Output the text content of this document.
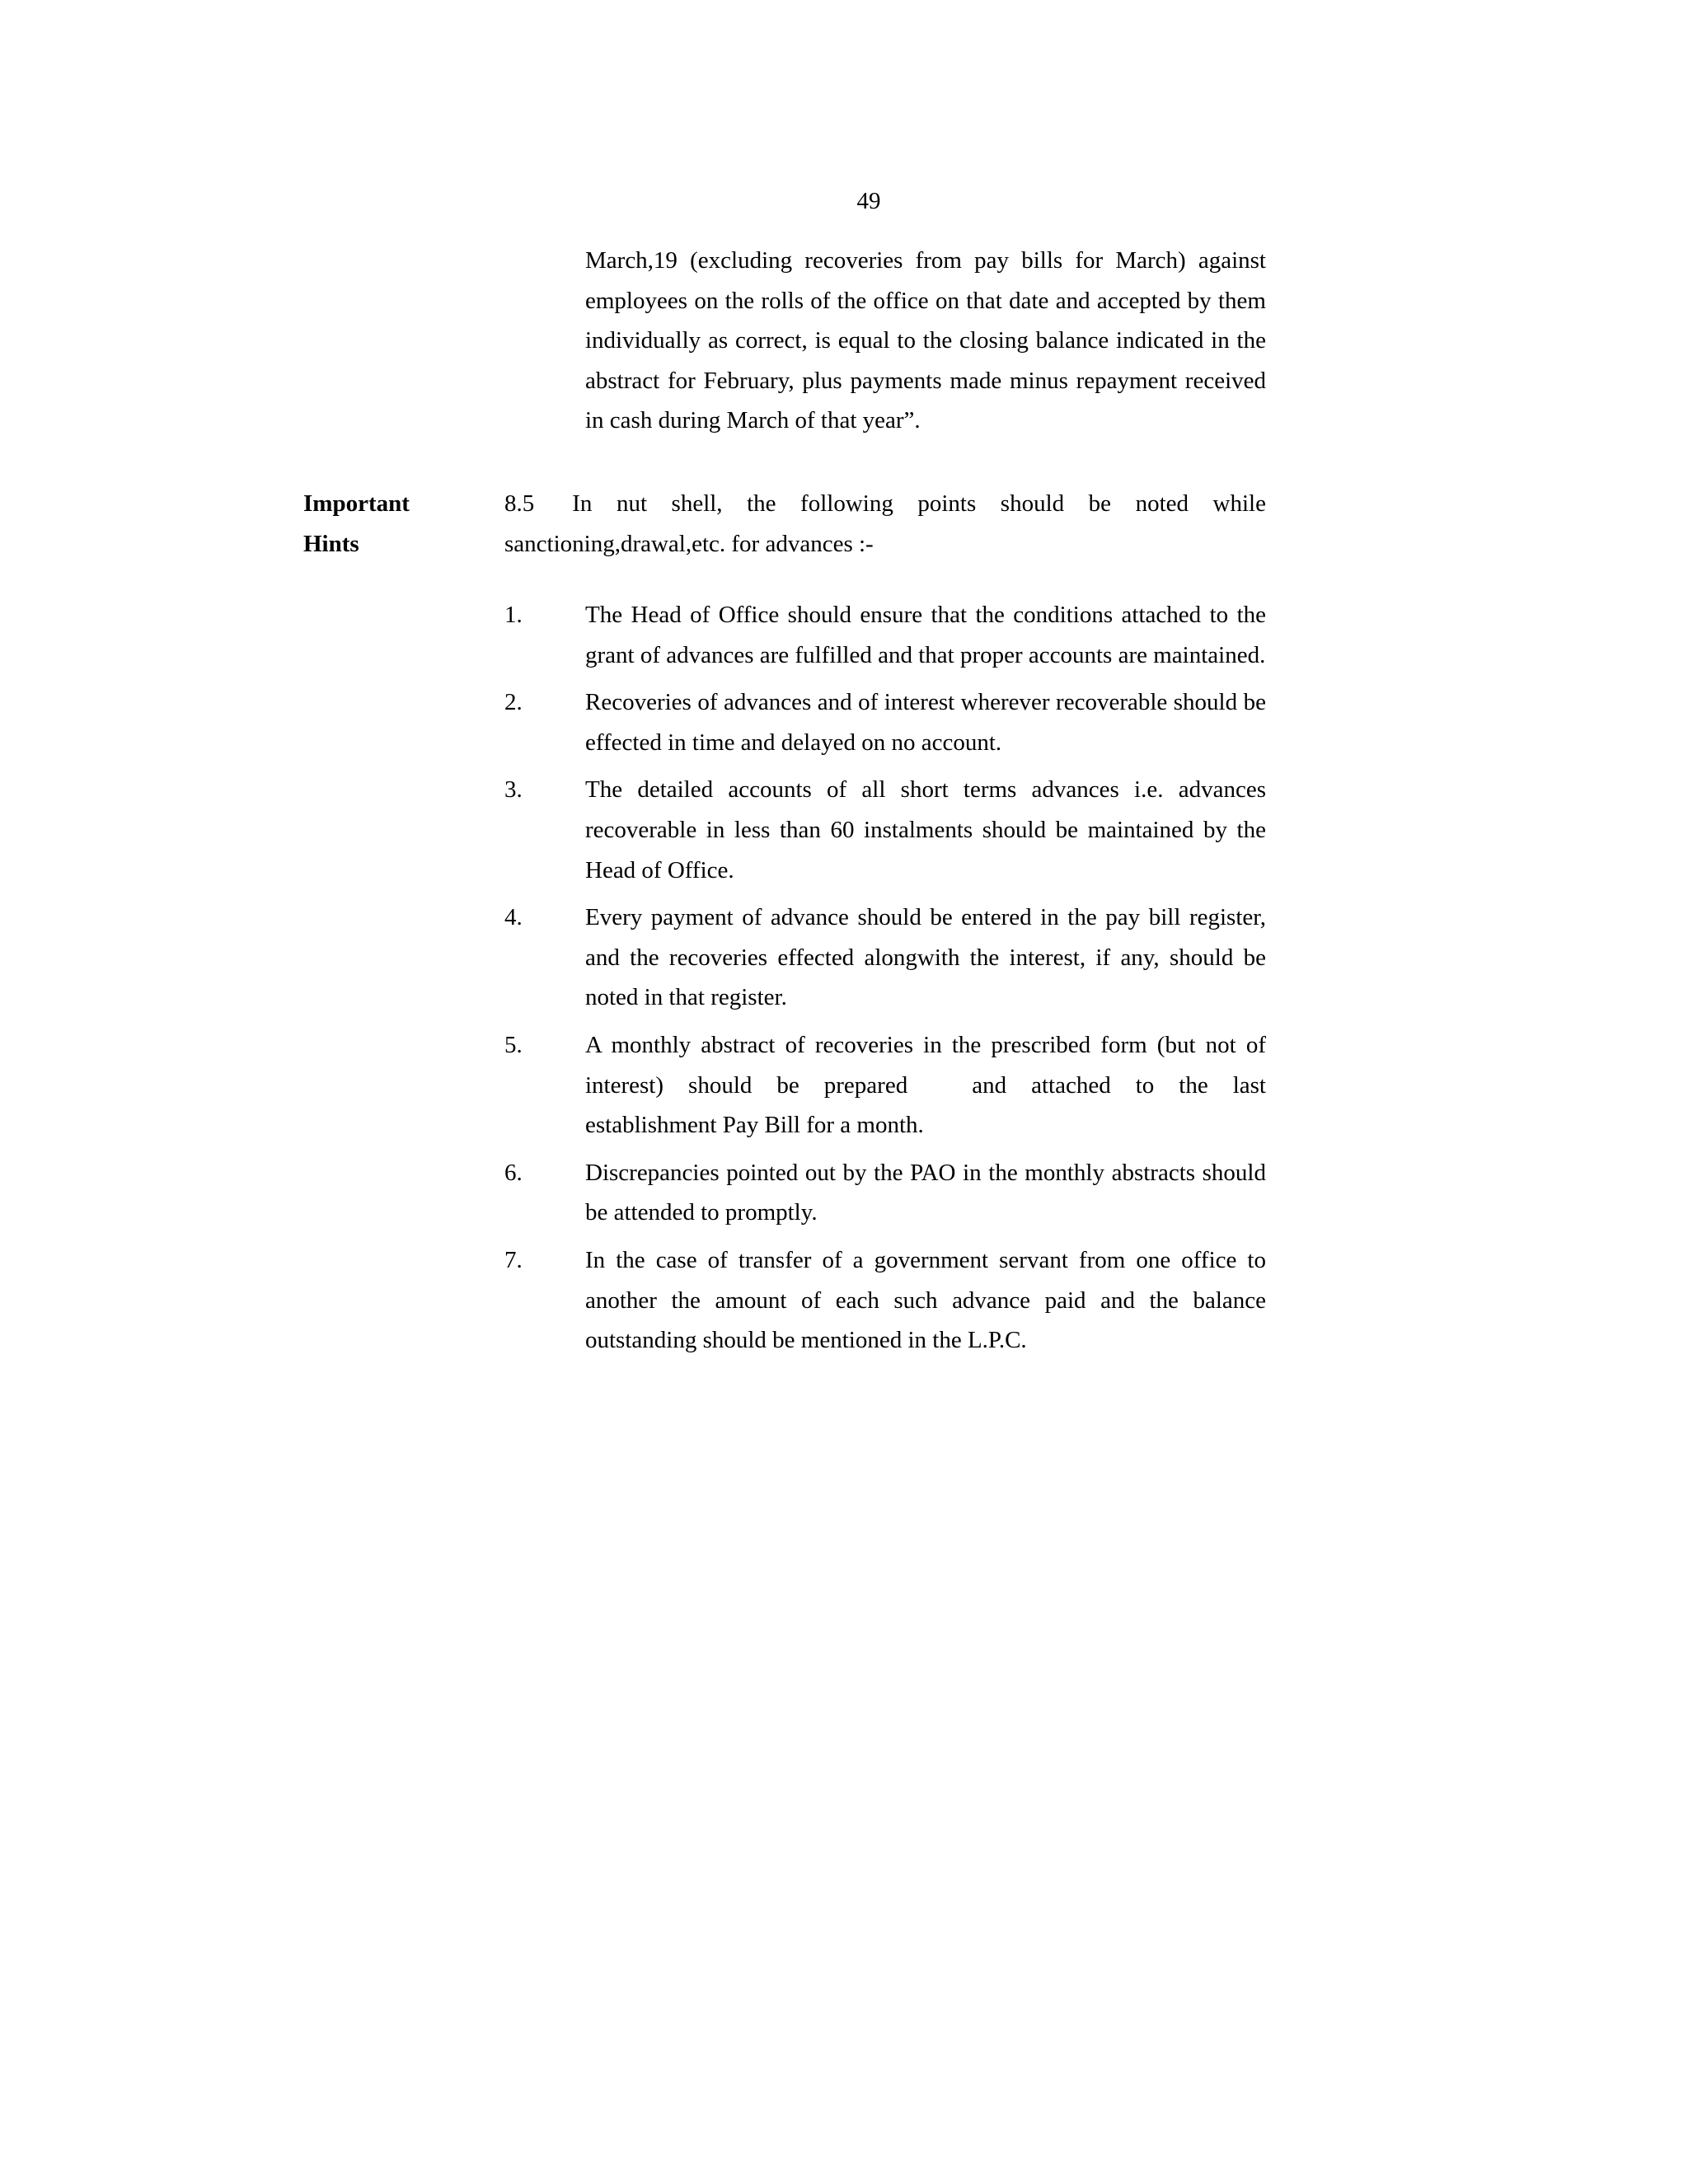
49

March,19 (excluding recoveries from pay bills for March) against employees on the rolls of the office on that date and accepted by them individually as correct, is equal to the closing balance indicated in the abstract for February, plus payments made minus repayment received in cash during March of that year”.

Important
Hints

8.5 In nut shell, the following points should be noted while sanctioning,drawal,etc. for advances :-

1.	The Head of Office should ensure that the conditions attached to the grant of advances are fulfilled and that proper accounts are maintained.
2.	Recoveries of advances and of interest wherever recoverable should be effected in time and delayed on no account.
3.	The detailed accounts of all short terms advances i.e. advances recoverable in less than 60 instalments should be maintained by the Head of Office.
4.	Every payment of advance should be entered in the pay bill register, and the recoveries effected alongwith the interest, if any, should be noted in that register.
5.	A monthly abstract of recoveries in the prescribed form (but not of interest) should be prepared	and attached to the last establishment Pay Bill for a month.
6.	Discrepancies pointed out by the PAO in the monthly abstracts should be attended to promptly.
7.	In the case of transfer of a government servant from one office to another the amount of each such advance paid and the balance outstanding should be mentioned in the L.P.C.
